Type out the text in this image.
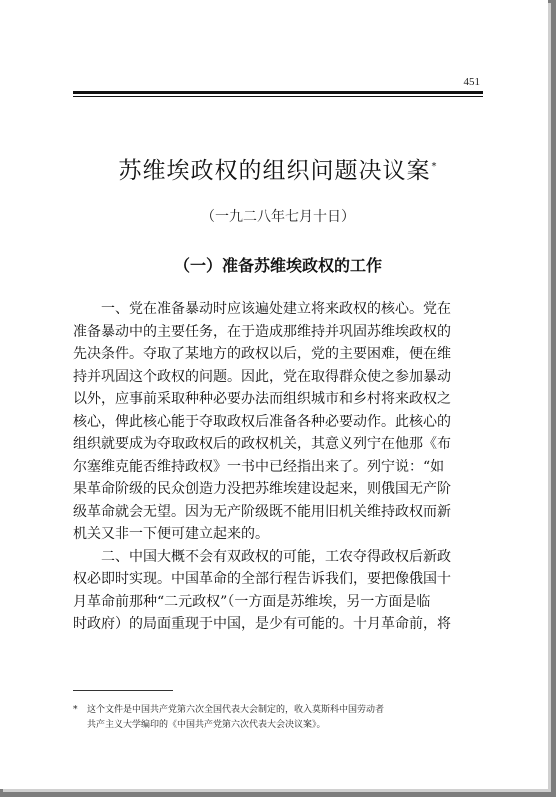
451
苏维埃政权的组织问题决议案*
（一九二八年七月十日）
（一）准备苏维埃政权的工作
一、党在准备暴动时应该遍处建立将来政权的核心。党在
准备暴动中的主要任务，在于造成那维持并巩固苏维埃政权的
先决条件。夺取了某地方的政权以后，党的主要困难，便在维
持并巩固这个政权的问题。因此，党在取得群众使之参加暴动
以外，应事前采取种种必要办法而组织城市和乡村将来政权之
核心，俾此核心能于夺取政权后准备各种必要动作。此核心的
组织就要成为夺取政权后的政权机关，其意义列宁在他那《布
尔塞维克能否维持政权》一书中已经指出来了。列宁说：“如
果革命阶级的民众创造力没把苏维埃建设起来，则俄国无产阶
级革命就会无望。因为无产阶级既不能用旧机关维持政权而新
机关又非一下便可建立起来的。
二、中国大概不会有双政权的可能，工农夺得政权后新政
权必即时实现。中国革命的全部行程告诉我们，要把像俄国十
月革命前那种“二元政权”（一方面是苏维埃，另一方面是临
时政府）的局面重现于中国，是少有可能的。十月革命前，将
* 这个文件是中国共产党第六次全国代表大会制定的，收入莫斯科中国劳动者
共产主义大学编印的《中国共产党第六次代表大会决议案》。
